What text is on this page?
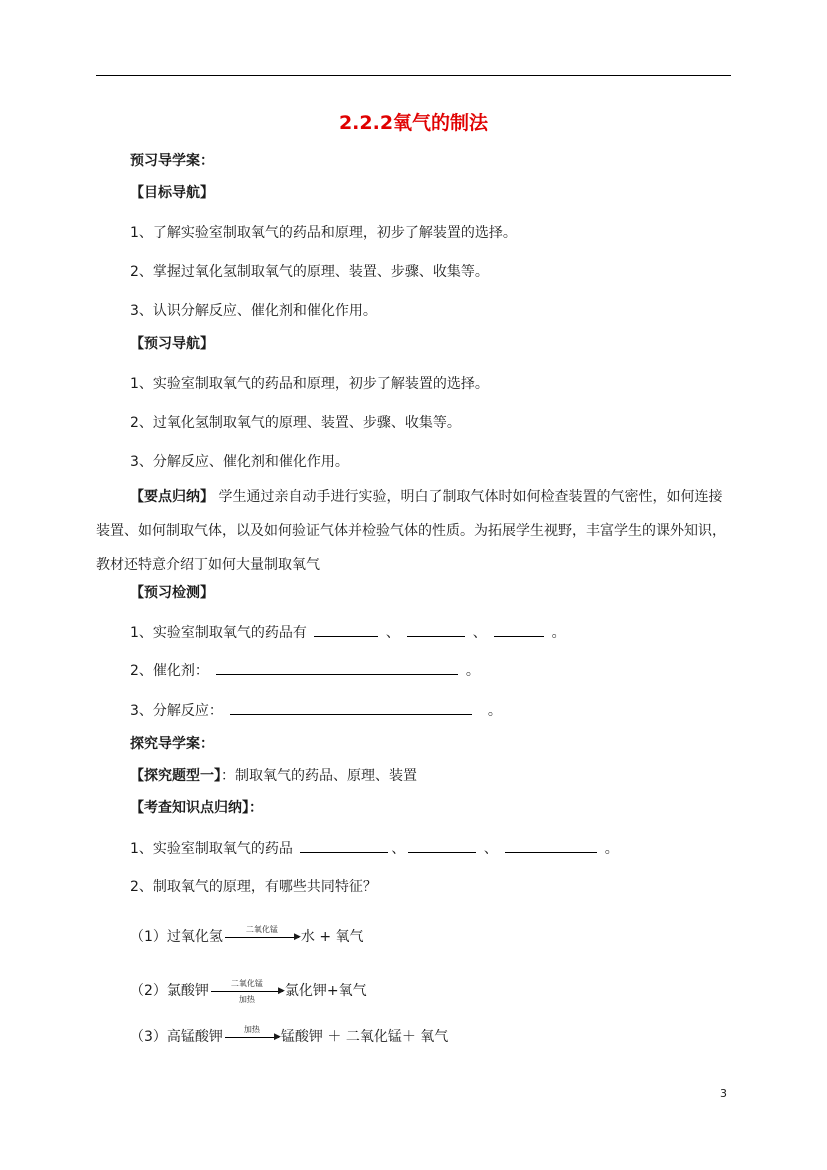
2.2.2氧气的制法
预习导学案：
【目标导航】
1、了解实验室制取氧气的药品和原理，初步了解装置的选择。
2、掌握过氧化氢制取氧气的原理、装置、步骤、收集等。
3、认识分解反应、催化剂和催化作用。
【预习导航】
1、实验室制取氧气的药品和原理，初步了解装置的选择。
2、过氧化氢制取氧气的原理、装置、步骤、收集等。
3、分解反应、催化剂和催化作用。
【要点归纳】 学生通过亲自动手进行实验，明白了制取气体时如何检查装置的气密性，如何连接装置、如何制取气体，以及如何验证气体并检验气体的性质。为拓展学生视野，丰富学生的课外知识，教材还特意介绍丁如何大量制取氧气
【预习检测】
1、实验室制取氧气的药品有	、	、	。
2、催化剂：	。
3、分解反应：	。
探究导学案：
【探究题型一】：制取氧气的药品、原理、装置
【考查知识点归纳】：
1、实验室制取氧气的药品	、	、	。
2、制取氧气的原理，有哪些共同特征？
（1）过氧化氢	二氧化锰
▶ 水 + 氧气
（2）氯酸钾	二氧化锰
▶
加热	氯化钾+氧气
（3）高锰酸钾	加热
▶ 锰酸钾 ＋ 二氧化锰＋ 氧气
3
